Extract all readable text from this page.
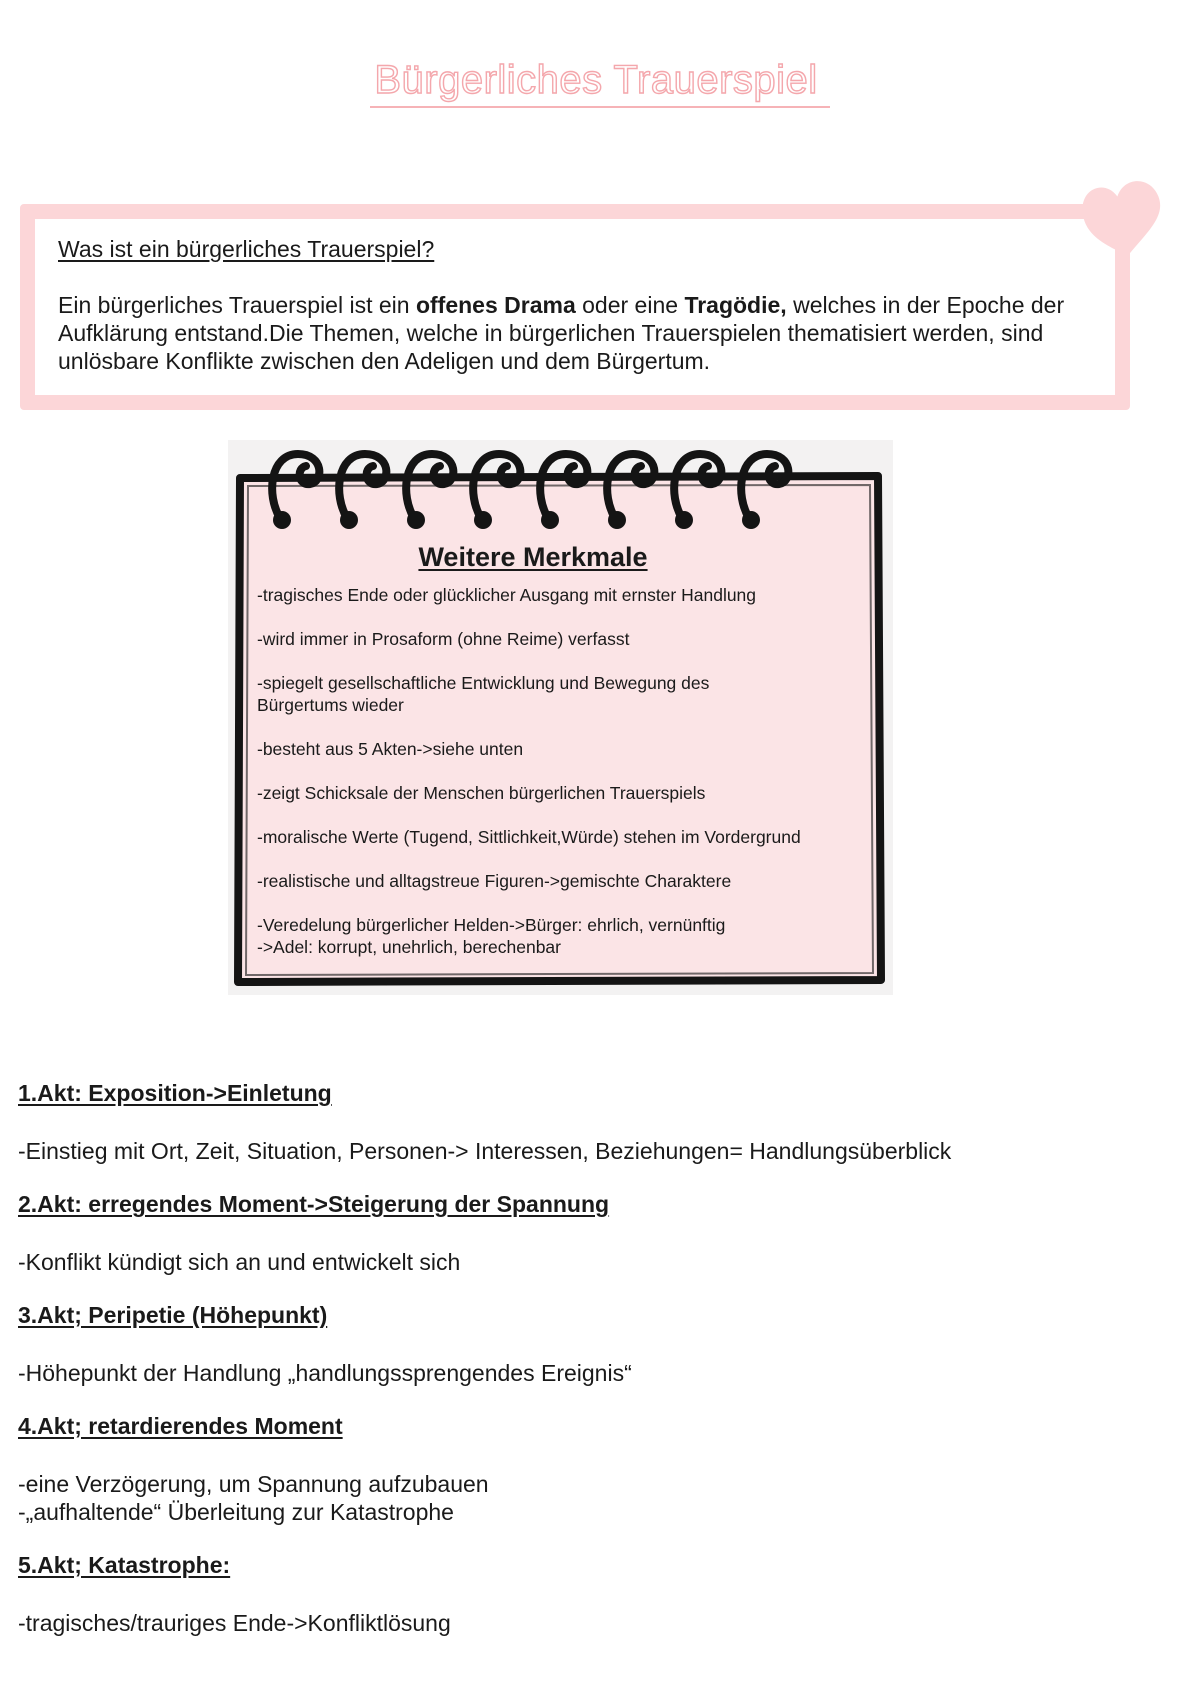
Bürgerliches Trauerspiel
Was ist ein bürgerliches Trauerspiel?
Ein bürgerliches Trauerspiel ist ein offenes Drama oder eine Tragödie, welches in der Epoche der Aufklärung entstand.Die Themen, welche in bürgerlichen Trauerspielen thematisiert werden, sind unlösbare Konflikte zwischen den Adeligen und dem Bürgertum.
Weitere Merkmale
-tragisches Ende oder glücklicher Ausgang mit ernster Handlung
-wird immer in Prosaform (ohne Reime) verfasst
-spiegelt gesellschaftliche Entwicklung und Bewegung des
Bürgertums wieder
-besteht aus 5 Akten->siehe unten
-zeigt Schicksale der Menschen bürgerlichen Trauerspiels
-moralische Werte (Tugend, Sittlichkeit,Würde) stehen im Vordergrund
-realistische und alltagstreue Figuren->gemischte Charaktere
-Veredelung bürgerlicher Helden->Bürger: ehrlich, vernünftig
->Adel: korrupt, unehrlich, berechenbar

1.Akt: Exposition->Einletung

-Einstieg mit Ort, Zeit, Situation, Personen-> Interessen, Beziehungen= Handlungsüberblick

2.Akt: erregendes Moment->Steigerung der Spannung

-Konflikt kündigt sich an und entwickelt sich

3.Akt; Peripetie (Höhepunkt)

-Höhepunkt der Handlung „handlungssprengendes Ereignis“

4.Akt; retardierendes Moment

-eine Verzögerung, um Spannung aufzubauen
-„aufhaltende“ Überleitung zur Katastrophe

5.Akt; Katastrophe:

-tragisches/trauriges Ende->Konfliktlösung
